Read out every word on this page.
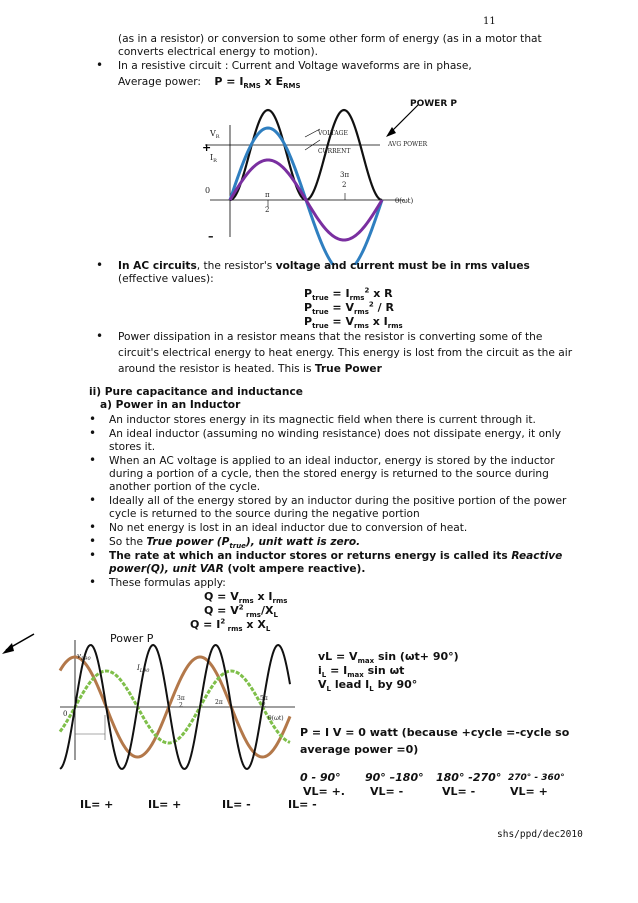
11
(as in a resistor) or conversion to some other form of energy (as in a motor that
converts electrical energy to motion).
• In a resistive circuit : Current and Voltage waveforms are in phase,
Average power: $P = I_{RMS}$ x $E_{RMS}$
POWER P
$V_R$
$I_R$
+
–
0
VOLTAGE
CURRENT
AVG POWER
π
2
3π
2
θ(ωt)
• In AC circuits, the resistor's voltage and current must be in rms values
(effective values):
$P_{true} = I_{rms}^2$ x R
$P_{true} = V_{rms}^2 / R$
$P_{true} = V_{rms}$ x $I_{rms}$
• Power dissipation in a resistor means that the resistor is converting some of the
circuit's electrical energy to heat energy. This energy is lost from the circuit as the air
around the resistor is heated. This is True Power
ii) Pure capacitance and inductance
a) Power in an Inductor
• An inductor stores energy in its magnectic field when there is current through it.
• An ideal inductor (assuming no winding resistance) does not dissipate energy, it only
stores it.
• When an AC voltage is applied to an ideal inductor, energy is stored by the inductor
during a portion of a cycle, then the stored energy is returned to the source during
another portion of the cycle.
• Ideally all of the energy stored by an inductor during the positive portion of the power
cycle is returned to the source during the negative portion
• No net energy is lost in an ideal inductor due to conversion of heat.
• So the True power $(P_{true})$, unit watt is zero.
• The rate at which an inductor stores or returns energy is called its Reactive
power(Q), unit VAR (volt ampere reactive).
• These formulas apply:
$Q = V_{rms}$ x $I_{rms}$
$Q = V^2$ $_{rms}/X_L$
$Q = I^2$ $_{rms}$ x $X_L$
Power P
$v_{L90}$
$I_{L90}$
0
3π
2	2π
5π
2
θ(ωt)
vL = $V_{max}$ sin (ωt+ 90°)
$i_L = I_{max}$ sin ωt
$V_L$ lead $I_L$ by 90°
P = I V = 0 watt (because +cycle =-cycle so
average power =0)
0 - 90° 90° –180° 180° -270° 270° - 360°
VL= +. VL= -	VL= -	VL= +
IL= +	IL= +	IL= -	IL= -
shs/ppd/dec2010
